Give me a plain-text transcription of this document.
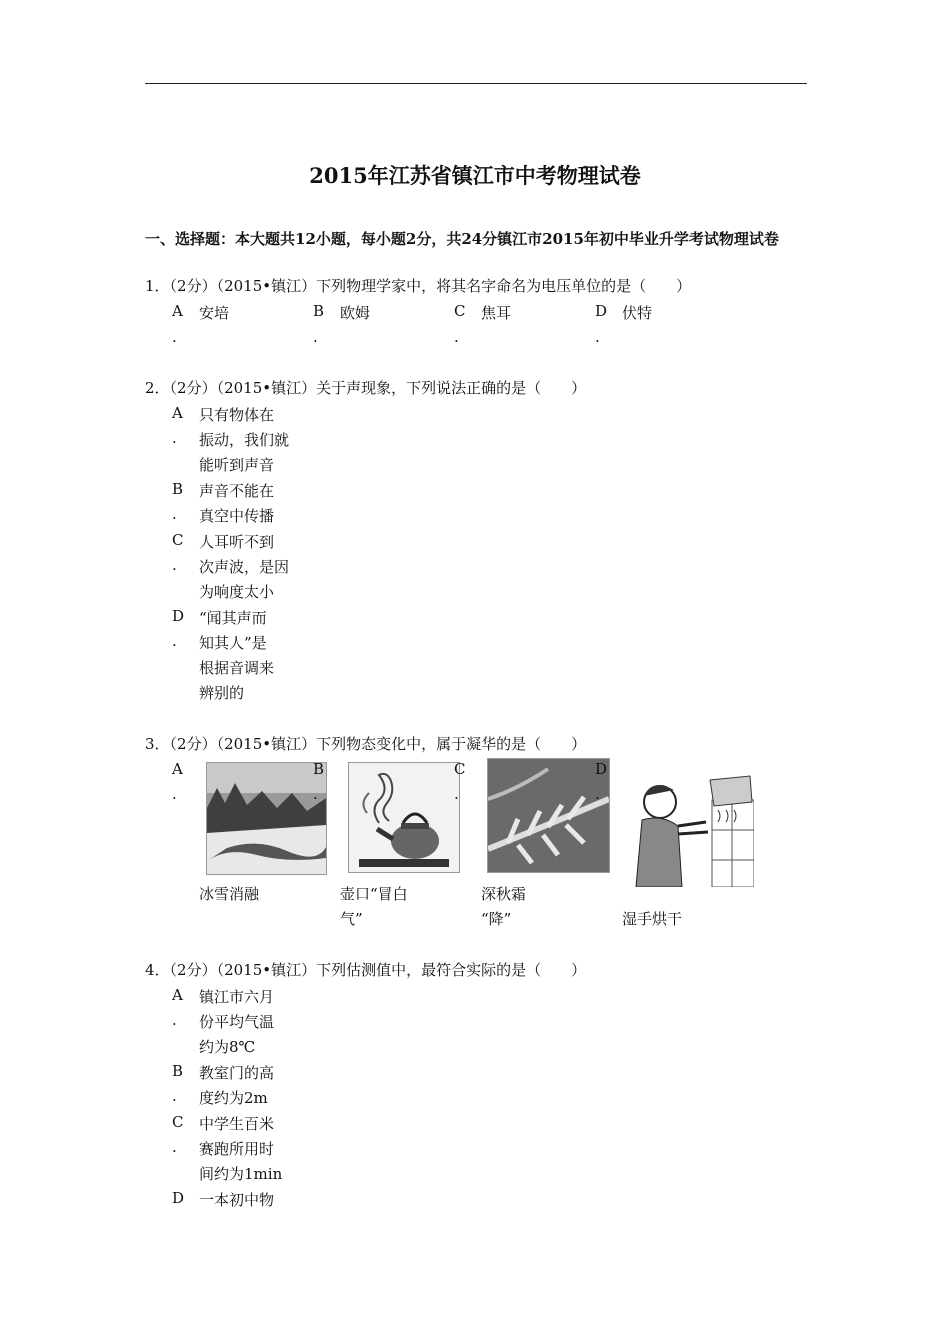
2015年江苏省镇江市中考物理试卷
一、选择题：本大题共12小题，每小题2分，共24分镇江市2015年初中毕业升学考试物理试卷
1．（2分）（2015•镇江）下列物理学家中，将其名字命名为电压单位的是（　　）
A
.
安培	B
.
欧姆	C
.
焦耳	D
.
伏特
2．（2分）（2015•镇江）关于声现象，下列说法正确的是（　　）
A
.
只有物体在
振动，我们就
能听到声音
B
.
声音不能在
真空中传播
C
.
人耳听不到
次声波，是因
为响度太小
D
.
“闻其声而
知其人”是
根据音调来
辨别的
3．（2分）（2015•镇江）下列物态变化中，属于凝华的是（　　）
A
.
冰雪消融
B
.
壶口“冒白
气”
C
.
深秋霜
“降”
D
.
湿手烘干
4．（2分）（2015•镇江）下列估测值中，最符合实际的是（　　）
A
.
镇江市六月
份平均气温
约为8℃
B
.
教室门的高
度约为2m
C
.
中学生百米
赛跑所用时
间约为1min
D 一本初中物
